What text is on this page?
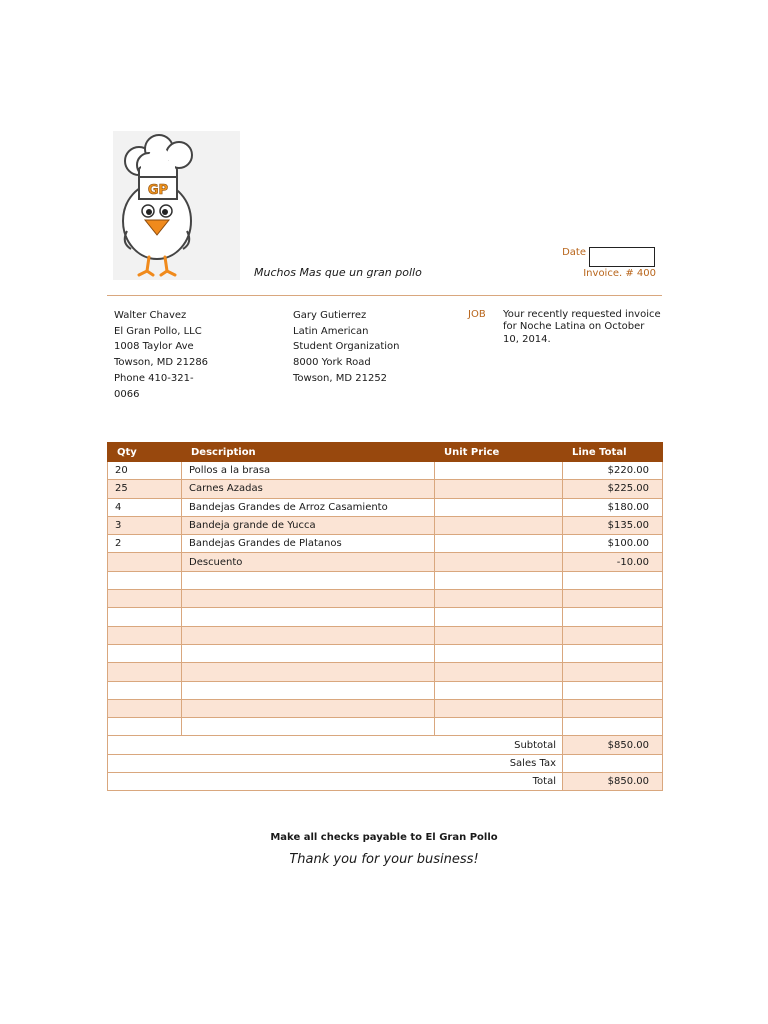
GP
Muchos Mas que un gran pollo
Date
Invoice. # 400
Walter Chavez
El Gran Pollo, LLC
1008 Taylor Ave
Towson, MD 21286
Phone 410-321-
0066
Gary Gutierrez
Latin American
Student Organization
8000 York Road
Towson, MD 21252
JOB Your recently requested invoice for Noche Latina on October 10, 2014.
Qty	Description	Unit Price	Line Total
20	Pollos a la brasa		$220.00
25	Carnes Azadas		$225.00
4	Bandejas Grandes de Arroz Casamiento		$180.00
3	Bandeja grande de Yucca		$135.00
2	Bandejas Grandes de Platanos		$100.00
	Descuento		-10.00

Subtotal			$850.00
Sales Tax			
Total			$850.00
Make all checks payable to El Gran Pollo
Thank you for your business!
